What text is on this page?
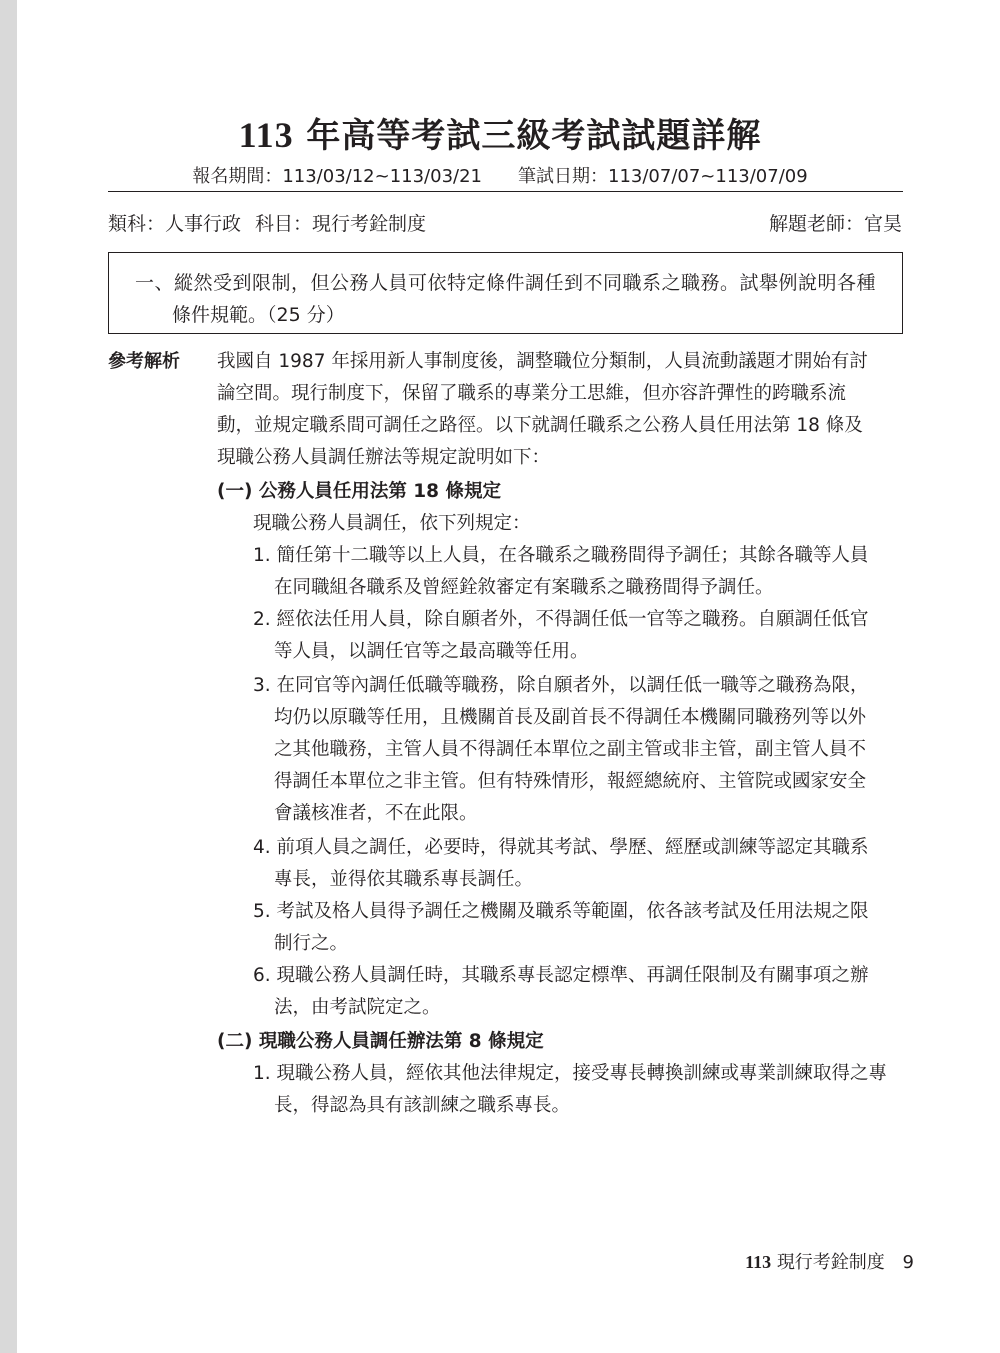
113 年高等考試三級考試試題詳解
報名期間：113/03/12~113/03/21 筆試日期：113/07/07~113/07/09
類科：人事行政 科目：現行考銓制度	解題老師：官昊
一、縱然受到限制，但公務人員可依特定條件調任到不同職系之職務。試舉例說明各種
條件規範。（25 分）
參考解析 我國自 1987 年採用新人事制度後，調整職位分類制，人員流動議題才開始有討
論空間。現行制度下，保留了職系的專業分工思維，但亦容許彈性的跨職系流
動，並規定職系間可調任之路徑。以下就調任職系之公務人員任用法第 18 條及
現職公務人員調任辦法等規定說明如下：
(一) 公務人員任用法第 18 條規定
現職公務人員調任，依下列規定：
1. 簡任第十二職等以上人員，在各職系之職務間得予調任；其餘各職等人員
在同職組各職系及曾經銓敘審定有案職系之職務間得予調任。
2. 經依法任用人員，除自願者外，不得調任低一官等之職務。自願調任低官
等人員，以調任官等之最高職等任用。
3. 在同官等內調任低職等職務，除自願者外，以調任低一職等之職務為限，
均仍以原職等任用，且機關首長及副首長不得調任本機關同職務列等以外
之其他職務，主管人員不得調任本單位之副主管或非主管，副主管人員不
得調任本單位之非主管。但有特殊情形，報經總統府、主管院或國家安全
會議核准者，不在此限。
4. 前項人員之調任，必要時，得就其考試、學歷、經歷或訓練等認定其職系
專長，並得依其職系專長調任。
5. 考試及格人員得予調任之機關及職系等範圍，依各該考試及任用法規之限
制行之。
6. 現職公務人員調任時，其職系專長認定標準、再調任限制及有關事項之辦
法，由考試院定之。
(二) 現職公務人員調任辦法第 8 條規定
1. 現職公務人員，經依其他法律規定，接受專長轉換訓練或專業訓練取得之專
長，得認為具有該訓練之職系專長。
113 現行考銓制度 9
